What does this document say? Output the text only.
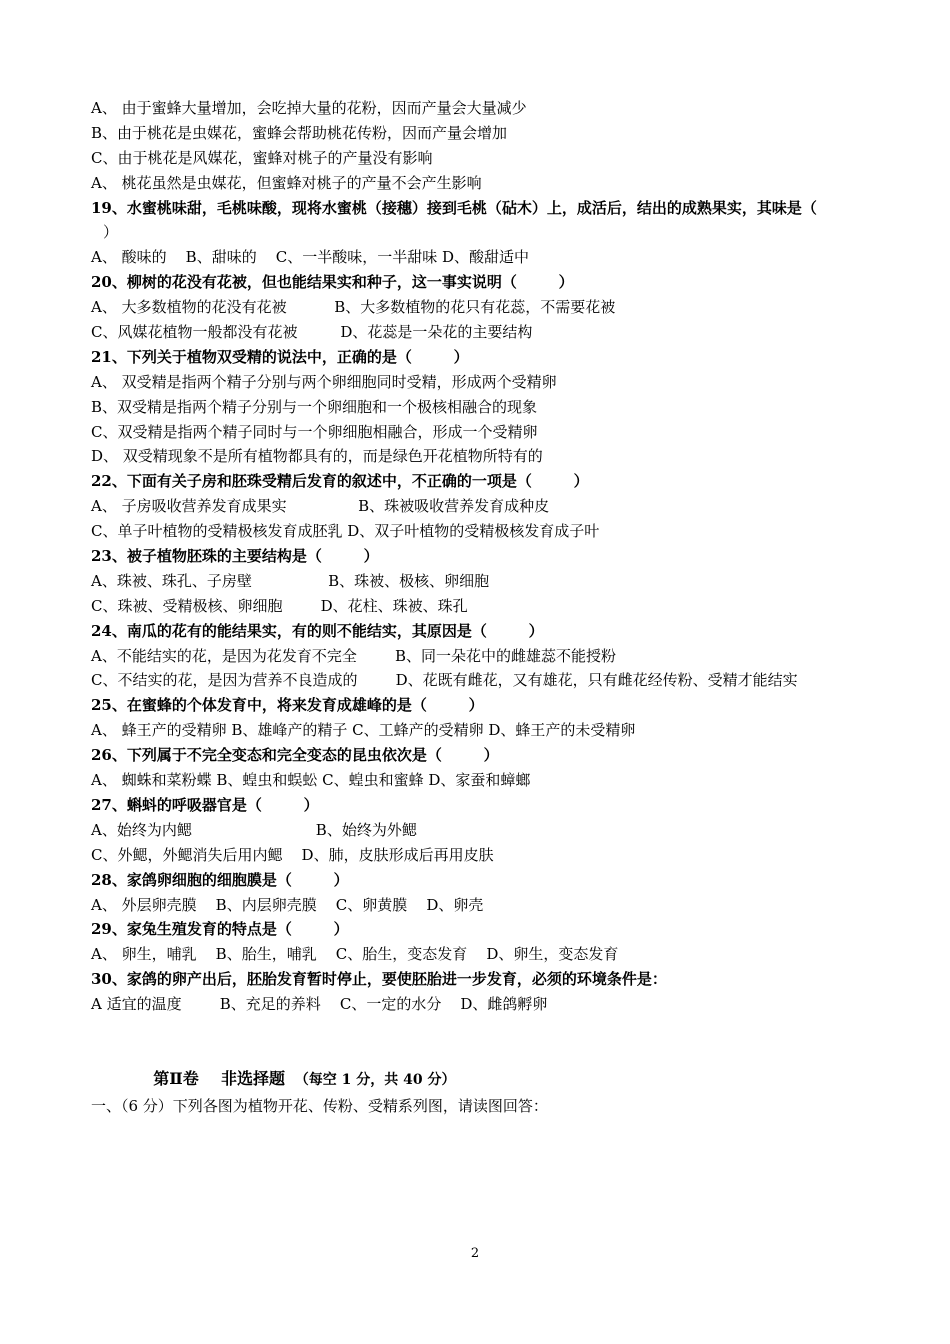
A、 由于蜜蜂大量增加，会吃掉大量的花粉，因而产量会大量减少
B、由于桃花是虫媒花，蜜蜂会帮助桃花传粉，因而产量会增加
C、由于桃花是风媒花，蜜蜂对桃子的产量没有影响
A、 桃花虽然是虫媒花，但蜜蜂对桃子的产量不会产生影响
19、水蜜桃味甜，毛桃味酸，现将水蜜桃（接穗）接到毛桃（砧木）上，成活后，结出的成熟果实，其味是（
）
A、 酸味的    B、甜味的    C、一半酸味，一半甜味 D、酸甜适中
20、柳树的花没有花被，但也能结果实和种子，这一事实说明（        ）
A、 大多数植物的花没有花被          B、大多数植物的花只有花蕊，不需要花被
C、风媒花植物一般都没有花被         D、花蕊是一朵花的主要结构
21、下列关于植物双受精的说法中，正确的是（        ）
A、 双受精是指两个精子分别与两个卵细胞同时受精，形成两个受精卵
B、双受精是指两个精子分别与一个卵细胞和一个极核相融合的现象
C、双受精是指两个精子同时与一个卵细胞相融合，形成一个受精卵
D、 双受精现象不是所有植物都具有的，而是绿色开花植物所特有的
22、下面有关子房和胚珠受精后发育的叙述中，不正确的一项是（        ）
A、 子房吸收营养发育成果实               B、珠被吸收营养发育成种皮
C、单子叶植物的受精极核发育成胚乳 D、双子叶植物的受精极核发育成子叶
23、被子植物胚珠的主要结构是（        ）
A、珠被、珠孔、子房壁                B、珠被、极核、卵细胞
C、珠被、受精极核、卵细胞        D、花柱、珠被、珠孔
24、南瓜的花有的能结果实，有的则不能结实，其原因是（        ）
A、不能结实的花，是因为花发育不完全        B、同一朵花中的雌雄蕊不能授粉
C、不结实的花，是因为营养不良造成的        D、花既有雌花，又有雄花，只有雌花经传粉、受精才能结实
25、在蜜蜂的个体发育中，将来发育成雄峰的是（        ）
A、 蜂王产的受精卵 B、雄峰产的精子 C、工蜂产的受精卵 D、蜂王产的未受精卵
26、下列属于不完全变态和完全变态的昆虫依次是（        ）
A、 蜘蛛和菜粉蝶 B、蝗虫和蜈蚣 C、蝗虫和蜜蜂 D、家蚕和蟑螂
27、蝌蚪的呼吸器官是（        ）
A、始终为内鳃                          B、始终为外鳃
C、外鳃，外鳃消失后用内鳃    D、肺，皮肤形成后再用皮肤
28、家鸽卵细胞的细胞膜是（        ）
A、 外层卵壳膜    B、内层卵壳膜    C、卵黄膜    D、卵壳
29、家兔生殖发育的特点是（        ）
A、 卵生，哺乳    B、胎生，哺乳    C、胎生，变态发育    D、卵生，变态发育
30、家鸽的卵产出后，胚胎发育暂时停止，要使胚胎进一步发育，必须的环境条件是：
A 适宜的温度        B、充足的养料    C、一定的水分    D、雌鸽孵卵

第Ⅱ卷    非选择题  （每空 1 分，共 40 分）

一、（6 分）下列各图为植物开花、传粉、受精系列图，请读图回答：
2
